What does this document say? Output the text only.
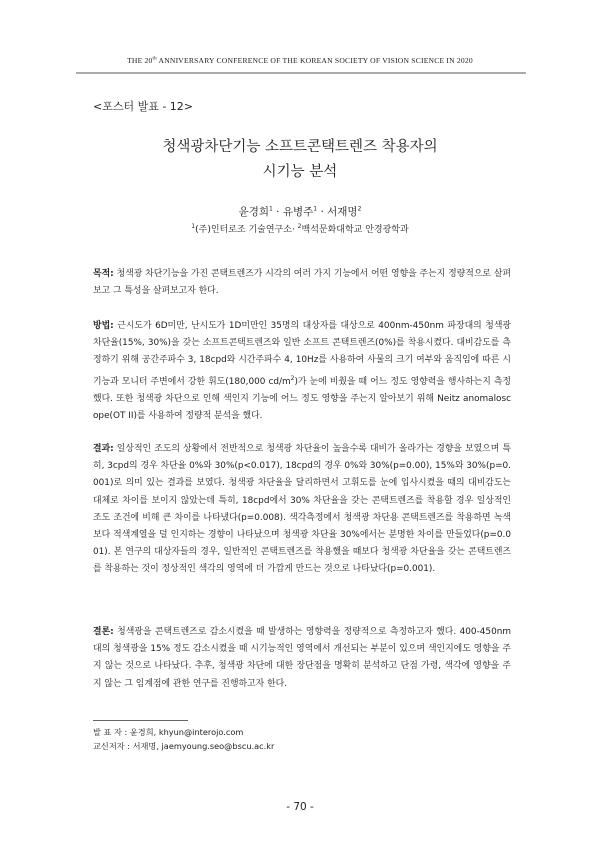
THE 20th ANNIVERSARY CONFERENCE OF THE KOREAN SOCIETY OF VISION SCIENCE IN 2020
<포스터 발표 - 12>
청색광차단기능 소프트콘택트렌즈 착용자의
시기능 분석
윤경희$^1$ · 유병주$^1$ · 서재명$^2$
$^1$(주)인터로조 기술연구소· $^2$백석문화대학교 안경광학과

목적: 청색광 차단기능을 가진 콘택트렌즈가 시각의 여러 가지 기능에서 어떤 영향을 주는지 정량적으로 살펴보고 그 특성을 살펴보고자 한다.

방법: 근시도가 6D미만, 난시도가 1D미만인 35명의 대상자를 대상으로 400nm-450nm 파장대의 청색광 차단율(15%, 30%)을 갖는 소프트콘택트렌즈와 일반 소프트 콘택트렌즈(0%)를 착용시켰다. 대비감도를 측정하기 위해 공간주파수 3, 18cpd와 시간주파수 4, 10Hz를 사용하여 사물의 크기 여부와 움직임에 따른 시기능과 모니터 주변에서 강한 휘도(180,000 $cd/m^2$)가 눈에 비췄을 때 어느 정도 영향력을 행사하는지 측정했다. 또한 청색광 차단으로 인해 색인지 기능에 어느 정도 영향을 주는지 알아보기 위해 Neitz anomaloscope(OT II)를 사용하여 정량적 분석을 했다.

결과: 일상적인 조도의 상황에서 전반적으로 청색광 차단율이 높을수록 대비가 올라가는 경향을 보였으며 특히, 3cpd의 경우 차단율 0%와 30%(p<0.017), 18cpd의 경우 0%와 30%(p=0.00), 15%와 30%(p=0.001)로 의미 있는 결과를 보였다. 청색광 차단율을 달리하면서 고휘도를 눈에 입사시켰을 때의 대비감도는 대체로 차이를 보이지 않았는데 특히, 18cpd에서 30% 차단율을 갖는 콘택트렌즈를 착용할 경우 일상적인 조도 조건에 비해 큰 차이를 나타냈다(p=0.008). 색각측정에서 청색광 차단용 콘택트렌즈를 착용하면 녹색보다 적색계열을 덜 인지하는 경향이 나타났으며 청색광 차단율 30%에서는 분명한 차이를 만들었다(p=0.001). 본 연구의 대상자들의 경우, 일반적인 콘택트렌즈를 착용했을 때보다 청색광 차단율을 갖는 콘택트렌즈를 착용하는 것이 정상적인 색각의 영역에 더 가깝게 만드는 것으로 나타났다(p=0.001).

결론: 청색광을 콘택트렌즈로 감소시켰을 때 발생하는 영향력을 정량적으로 측정하고자 했다. 400-450nm대의 청색광을 15% 정도 감소시켰을 때 시기능적인 영역에서 개선되는 부분이 있으며 색인지에도 영향을 주지 않는 것으로 나타났다. 추후, 청색광 차단에 대한 장단점을 명확히 분석하고 단점 가령, 색각에 영향을 주지 않는 그 임계점에 관한 연구를 진행하고자 한다.

발 표 자 : 윤경희, khyun@interojo.com
교신저자 : 서재명, jaemyoung.seo@bscu.ac.kr
- 70 -
